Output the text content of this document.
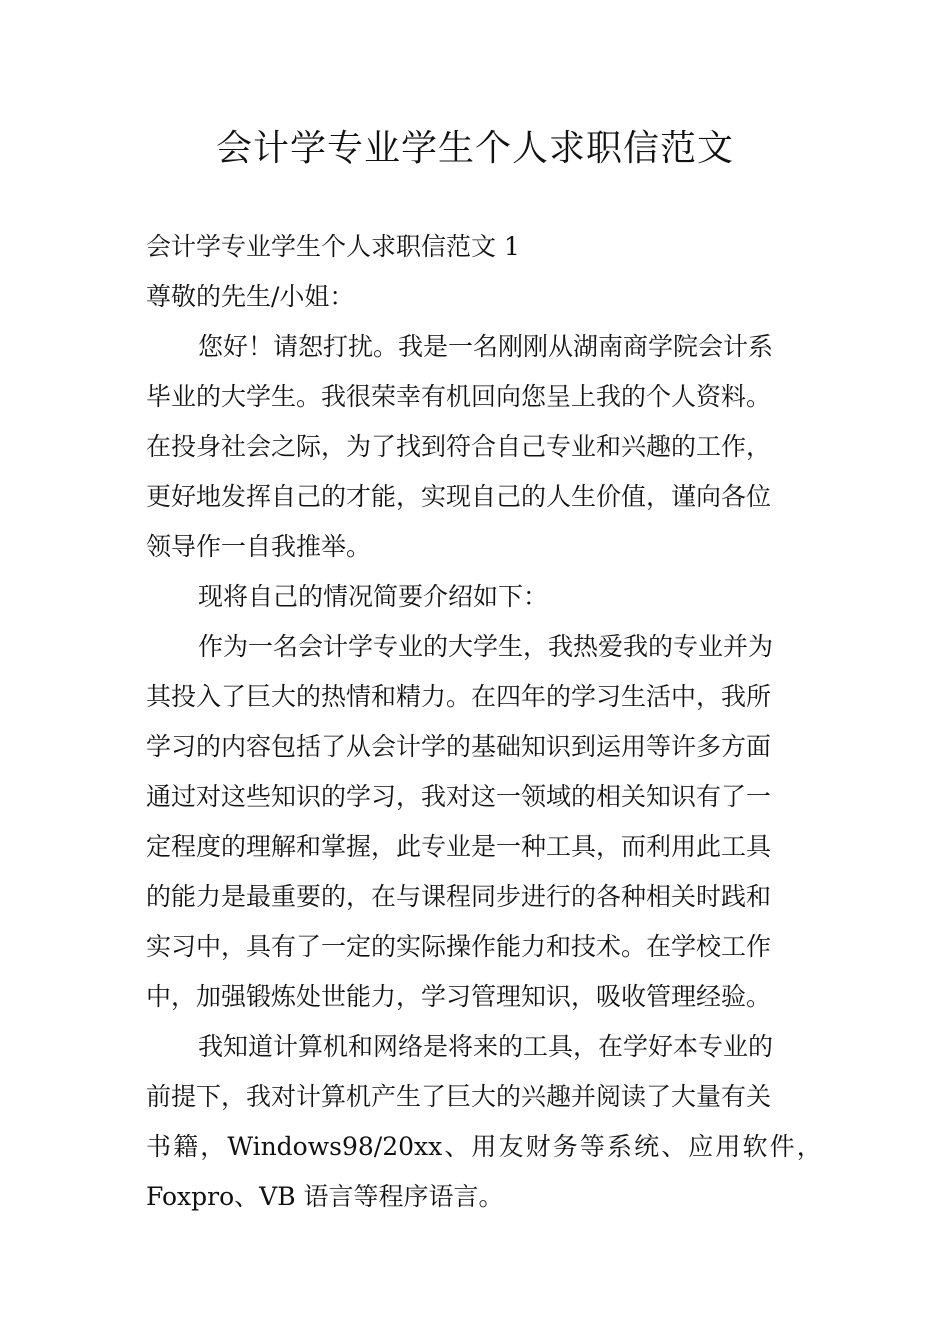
会计学专业学生个人求职信范文
会计学专业学生个人求职信范文 1
尊敬的先生/小姐：
您好！请恕打扰。我是一名刚刚从湖南商学院会计系
毕业的大学生。我很荣幸有机回向您呈上我的个人资料。
在投身社会之际，为了找到符合自己专业和兴趣的工作，
更好地发挥自己的才能，实现自己的人生价值，谨向各位
领导作一自我推举。
现将自己的情况简要介绍如下：
作为一名会计学专业的大学生，我热爱我的专业并为
其投入了巨大的热情和精力。在四年的学习生活中，我所
学习的内容包括了从会计学的基础知识到运用等许多方面
通过对这些知识的学习，我对这一领域的相关知识有了一
定程度的理解和掌握，此专业是一种工具，而利用此工具
的能力是最重要的，在与课程同步进行的各种相关时践和
实习中，具有了一定的实际操作能力和技术。在学校工作
中，加强锻炼处世能力，学习管理知识，吸收管理经验。
我知道计算机和网络是将来的工具，在学好本专业的
前提下，我对计算机产生了巨大的兴趣并阅读了大量有关
书 籍 ， Windows98/20xx 、 用 友 财 务 等 系 统 、 应 用 软 件 ，
Foxpro、VB 语言等程序语言。
